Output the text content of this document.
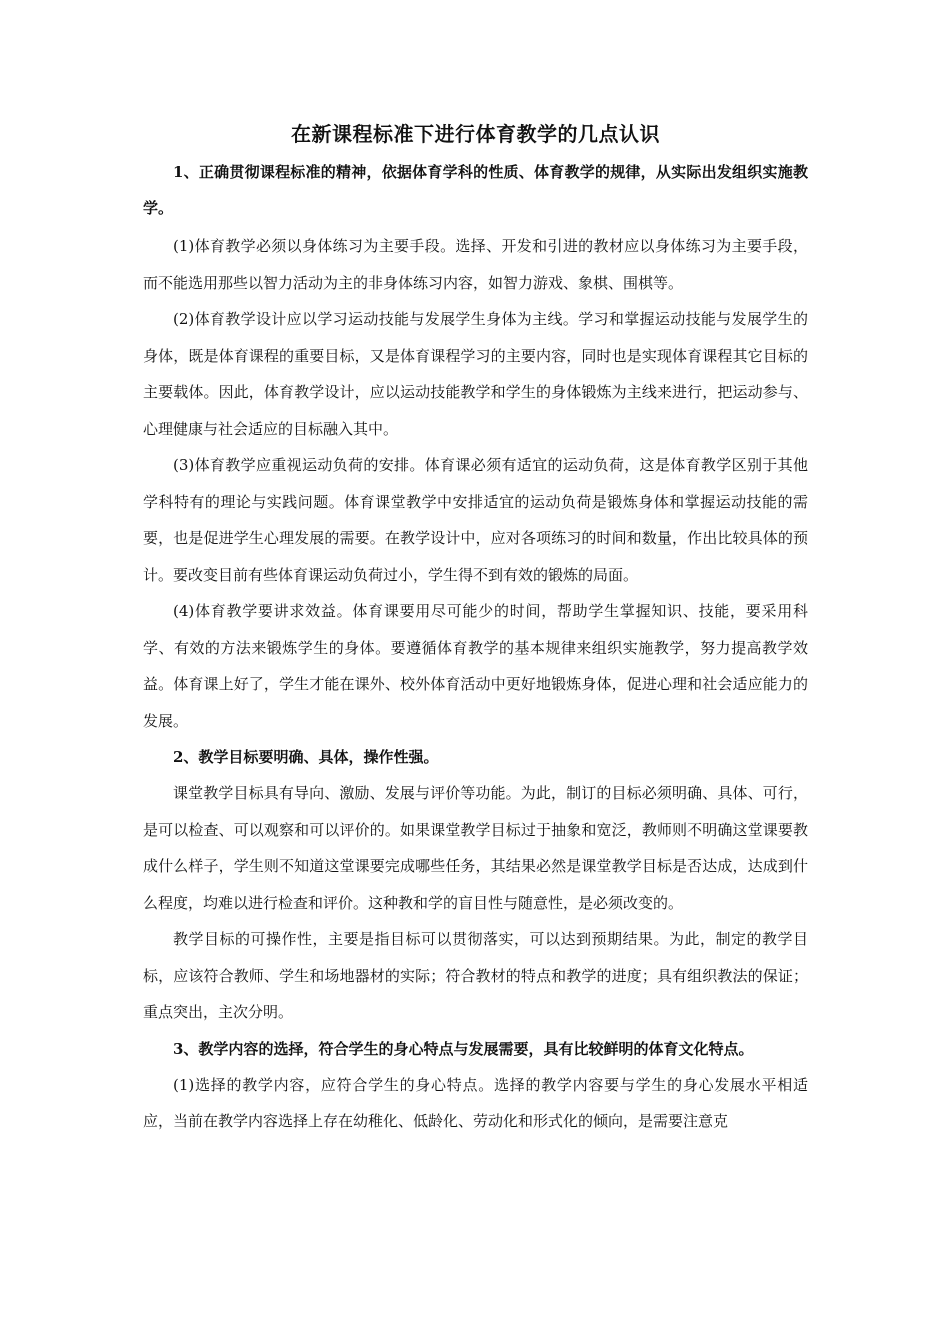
在新课程标准下进行体育教学的几点认识

1、正确贯彻课程标准的精神，依据体育学科的性质、体育教学的规律，从实际出发组织实施教学。

(1)体育教学必须以身体练习为主要手段。选择、开发和引进的教材应以身体练习为主要手段，而不能选用那些以智力活动为主的非身体练习内容，如智力游戏、象棋、围棋等。

(2)体育教学设计应以学习运动技能与发展学生身体为主线。学习和掌握运动技能与发展学生的身体，既是体育课程的重要目标，又是体育课程学习的主要内容，同时也是实现体育课程其它目标的主要载体。因此，体育教学设计，应以运动技能教学和学生的身体锻炼为主线来进行，把运动参与、心理健康与社会适应的目标融入其中。

(3)体育教学应重视运动负荷的安排。体育课必须有适宜的运动负荷，这是体育教学区别于其他学科特有的理论与实践问题。体育课堂教学中安排适宜的运动负荷是锻炼身体和掌握运动技能的需要，也是促进学生心理发展的需要。在教学设计中，应对各项练习的时间和数量，作出比较具体的预计。要改变目前有些体育课运动负荷过小，学生得不到有效的锻炼的局面。

(4)体育教学要讲求效益。体育课要用尽可能少的时间，帮助学生掌握知识、技能，要采用科学、有效的方法来锻炼学生的身体。要遵循体育教学的基本规律来组织实施教学，努力提高教学效益。体育课上好了，学生才能在课外、校外体育活动中更好地锻炼身体，促进心理和社会适应能力的发展。

2、教学目标要明确、具体，操作性强。

课堂教学目标具有导向、激励、发展与评价等功能。为此，制订的目标必须明确、具体、可行，是可以检查、可以观察和可以评价的。如果课堂教学目标过于抽象和宽泛，教师则不明确这堂课要教成什么样子，学生则不知道这堂课要完成哪些任务，其结果必然是课堂教学目标是否达成，达成到什么程度，均难以进行检查和评价。这种教和学的盲目性与随意性，是必须改变的。

教学目标的可操作性，主要是指目标可以贯彻落实，可以达到预期结果。为此，制定的教学目标，应该符合教师、学生和场地器材的实际；符合教材的特点和教学的进度；具有组织教法的保证；重点突出，主次分明。

3、教学内容的选择，符合学生的身心特点与发展需要，具有比较鲜明的体育文化特点。

(1)选择的教学内容，应符合学生的身心特点。选择的教学内容要与学生的身心发展水平相适应，当前在教学内容选择上存在幼稚化、低龄化、劳动化和形式化的倾向，是需要注意克
